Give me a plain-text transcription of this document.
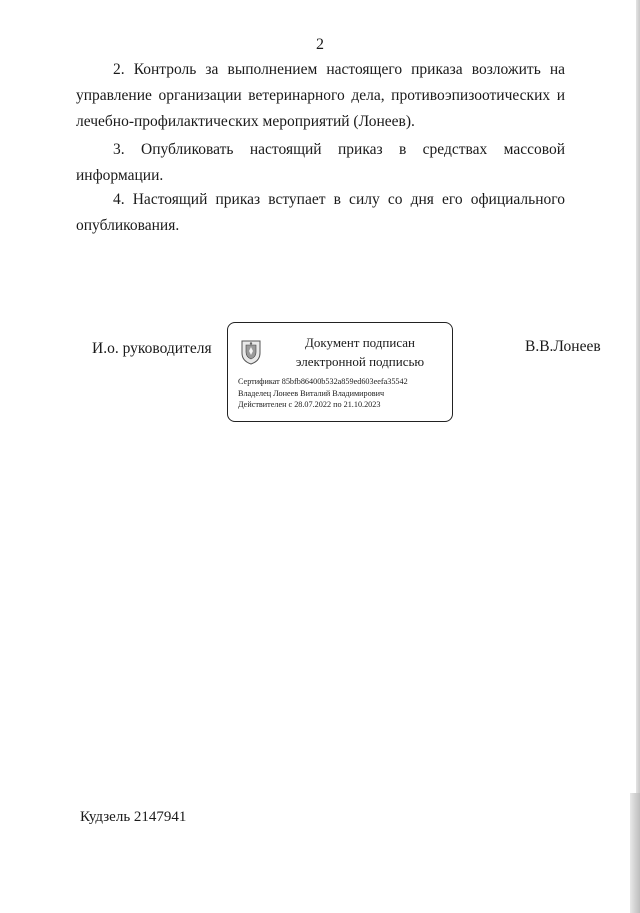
2

2. Контроль за выполнением настоящего приказа возложить на управление организации ветеринарного дела, противоэпизоотических и лечебно-профилактических мероприятий (Лонеев).

3. Опубликовать настоящий приказ в средствах массовой информации.

4. Настоящий приказ вступает в силу со дня его официального опубликования.

И.о. руководителя	Документ подписан
электронной подписью
Сертификат 85bfb86400b532a859ed603eefa35542
Владелец Лонеев Виталий Владимирович
Действителен с 28.07.2022 по 21.10.2023
В.В.Лонеев
Кудзель 2147941
